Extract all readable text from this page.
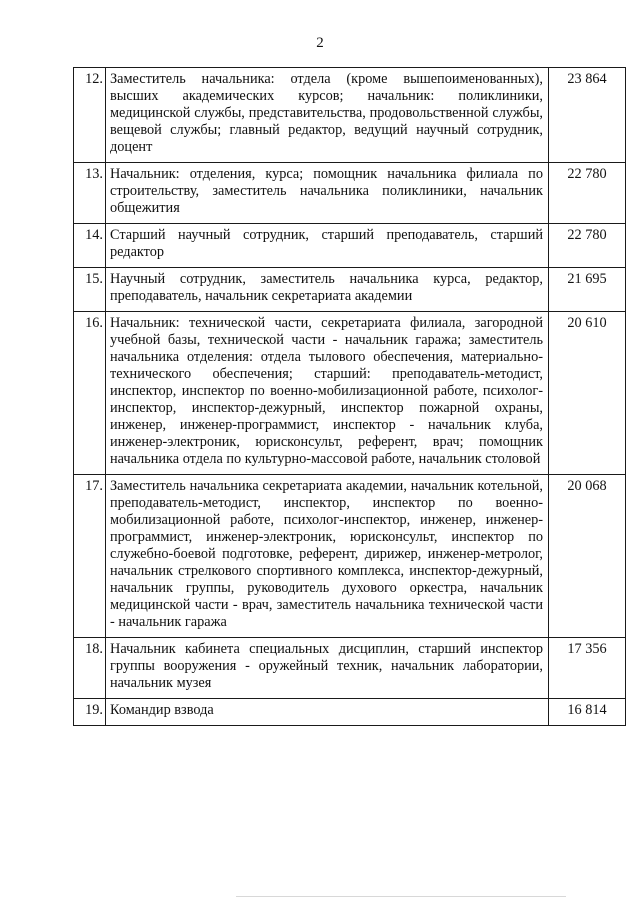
2
12.	Заместитель начальника: отдела (кроме вышепоименованных), высших академических курсов; начальник: поликлиники, медицинской службы, представительства, продовольственной службы, вещевой службы; главный редактор, ведущий научный сотрудник, доцент	23 864
13.	Начальник: отделения, курса; помощник начальника филиала по строительству, заместитель начальника поликлиники, начальник общежития	22 780
14.	Старший научный сотрудник, старший преподаватель, старший редактор	22 780
15.	Научный сотрудник, заместитель начальника курса, редактор, преподаватель, начальник секретариата академии	21 695
16.	Начальник: технической части, секретариата филиала, загородной учебной базы, технической части - начальник гаража; заместитель начальника отделения: отдела тылового обеспечения, материально-технического обеспечения; старший: преподаватель-методист, инспектор, инспектор по военно-мобилизационной работе, психолог-инспектор, инспектор-дежурный, инспектор пожарной охраны, инженер, инженер-программист, инспектор - начальник клуба, инженер-электроник, юрисконсульт, референт, врач; помощник начальника отдела по культурно-массовой работе, начальник столовой	20 610
17.	Заместитель начальника секретариата академии, начальник котельной, преподаватель-методист, инспектор, инспектор по военно-мобилизационной работе, психолог-инспектор, инженер, инженер-программист, инженер-электроник, юрисконсульт, инспектор по служебно-боевой подготовке, референт, дирижер, инженер-метролог, начальник стрелкового спортивного комплекса, инспектор-дежурный, начальник группы, руководитель духового оркестра, начальник медицинской части - врач, заместитель начальника технической части - начальник гаража	20 068
18.	Начальник кабинета специальных дисциплин, старший инспектор группы вооружения - оружейный техник, начальник лаборатории, начальник музея	17 356
19.	Командир взвода	16 814
